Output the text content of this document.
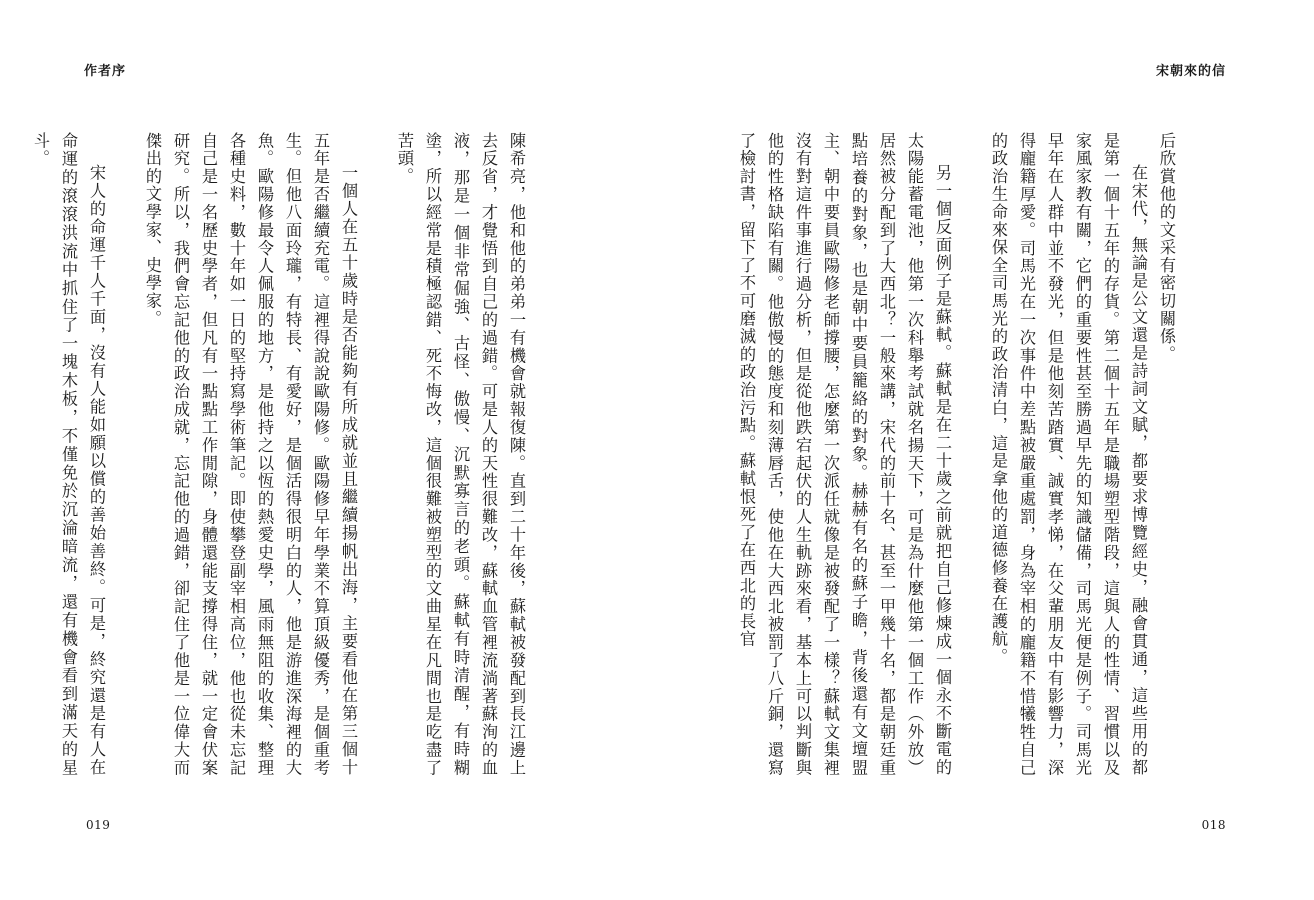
作者序	宋朝來的信

后欣賞他的文采有密切關係。

在宋代，無論是公文還是詩詞文賦，都要求博覽經史，融會貫通，這些用的都是第一個十五年的存貨。第二個十五年是職場塑型階段，這與人的性情、習慣以及家風家教有關，它們的重要性甚至勝過早先的知識儲備，司馬光便是例子。司馬光早年在人群中並不發光，但是他刻苦踏實、誠實孝悌，在父輩朋友中有影響力，深得龐籍厚愛。司馬光在一次事件中差點被嚴重處罰，身為宰相的龐籍不惜犧牲自己的政治生命來保全司馬光的政治清白，這是拿他的道德修養在護航。

另一個反面例子是蘇軾。蘇軾是在二十歲之前就把自己修煉成一個永不斷電的太陽能蓄電池，他第一次科舉考試就名揚天下，可是為什麼他第一個工作（外放）居然被分配到了大西北？一般來講，宋代的前十名、甚至一甲幾十名，都是朝廷重點培養的對象，也是朝中要員籠絡的對象。赫赫有名的蘇子瞻，背後還有文壇盟主、朝中要員歐陽修老師撐腰，怎麼第一次派任就像是被發配了一樣？蘇軾文集裡沒有對這件事進行過分析，但是從他跌宕起伏的人生軌跡來看，基本上可以判斷與他的性格缺陷有關。他傲慢的態度和刻薄唇舌，使他在大西北被罰了八斤銅，還寫了檢討書，留下了不可磨滅的政治污點。蘇軾恨死了在西北的長官

陳希亮，他和他的弟弟一有機會就報復陳。直到二十年後，蘇軾被發配到長江邊上去反省，才覺悟到自己的過錯。可是人的天性很難改，蘇軾血管裡流淌著蘇洵的血液，那是一個非常倔強、古怪、傲慢、沉默寡言的老頭。蘇軾有時清醒，有時糊塗，所以經常是積極認錯、死不悔改，這個很難被塑型的文曲星在凡間也是吃盡了苦頭。

一個人在五十歲時是否能夠有所成就並且繼續揚帆出海，主要看他在第三個十五年是否繼續充電。這裡得說說歐陽修。歐陽修早年學業不算頂級優秀，是個重考生。但他八面玲瓏，有特長、有愛好，是個活得很明白的人，他是游進深海裡的大魚。歐陽修最令人佩服的地方，是他持之以恆的熱愛史學，風雨無阻的收集、整理各種史料，數十年如一日的堅持寫學術筆記。即使攀登副宰相高位，他也從未忘記自己是一名歷史學者，但凡有一點點工作閒隙，身體還能支撐得住，就一定會伏案研究。所以，我們會忘記他的政治成就，忘記他的過錯，卻記住了他是一位偉大而傑出的文學家、史學家。

宋人的命運千人千面，沒有人能如願以償的善始善終。可是，終究還是有人在命運的滾滾洪流中抓住了一塊木板，不僅免於沉淪暗流，還有機會看到滿天的星斗。

019	018
